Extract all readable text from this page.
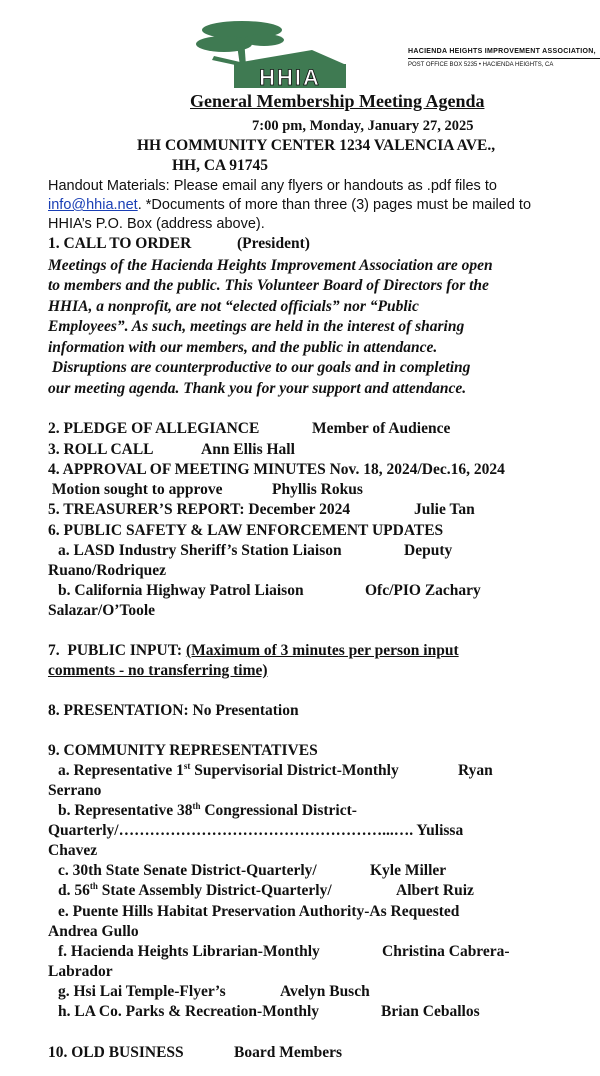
HHIA
HACIENDA HEIGHTS IMPROVEMENT ASSOCIATION,
POST OFFICE BOX 5235 • HACIENDA HEIGHTS, CA
General Membership Meeting Agenda
7:00 pm, Monday, January 27, 2025
HH COMMUNITY CENTER 1234 VALENCIA AVE.,
HH, CA 91745
Handout Materials: Please email any flyers or handouts as .pdf files to
info@hhia.net. *Documents of more than three (3) pages must be mailed to
HHIA’s P.O. Box (address above).
1. CALL TO ORDER	(President)
Meetings of the Hacienda Heights Improvement Association are open
to members and the public. This Volunteer Board of Directors for the
HHIA, a nonprofit, are not “elected officials” nor “Public
Employees”. As such, meetings are held in the interest of sharing
information with our members, and the public in attendance.
Disruptions are counterproductive to our goals and in completing
our meeting agenda. Thank you for your support and attendance.
2. PLEDGE OF ALLEGIANCE	Member of Audience
3. ROLL CALL	Ann Ellis Hall
4. APPROVAL OF MEETING MINUTES Nov. 18, 2024/Dec.16, 2024
Motion sought to approve	Phyllis Rokus
5. TREASURER’S REPORT: December 2024	Julie Tan
6. PUBLIC SAFETY & LAW ENFORCEMENT UPDATES
a. LASD Industry Sheriff’s Station Liaison	Deputy
Ruano/Rodriquez
b. California Highway Patrol Liaison	Ofc/PIO Zachary
Salazar/O’Toole
7.  PUBLIC INPUT: (Maximum of 3 minutes per person input
comments - no transferring time)
8. PRESENTATION: No Presentation
9. COMMUNITY REPRESENTATIVES
a. Representative 1st Supervisorial District-Monthly	Ryan
Serrano
b. Representative 38th Congressional District-
Quarterly/……………………………………………...…. Yulissa
Chavez
c. 30th State Senate District-Quarterly/	Kyle Miller
d. 56th State Assembly District-Quarterly/	Albert Ruiz
e. Puente Hills Habitat Preservation Authority-As Requested
Andrea Gullo
f. Hacienda Heights Librarian-Monthly	Christina Cabrera-
Labrador
g. Hsi Lai Temple-Flyer’s	Avelyn Busch
h. LA Co. Parks & Recreation-Monthly	Brian Ceballos
10. OLD BUSINESS	Board Members
